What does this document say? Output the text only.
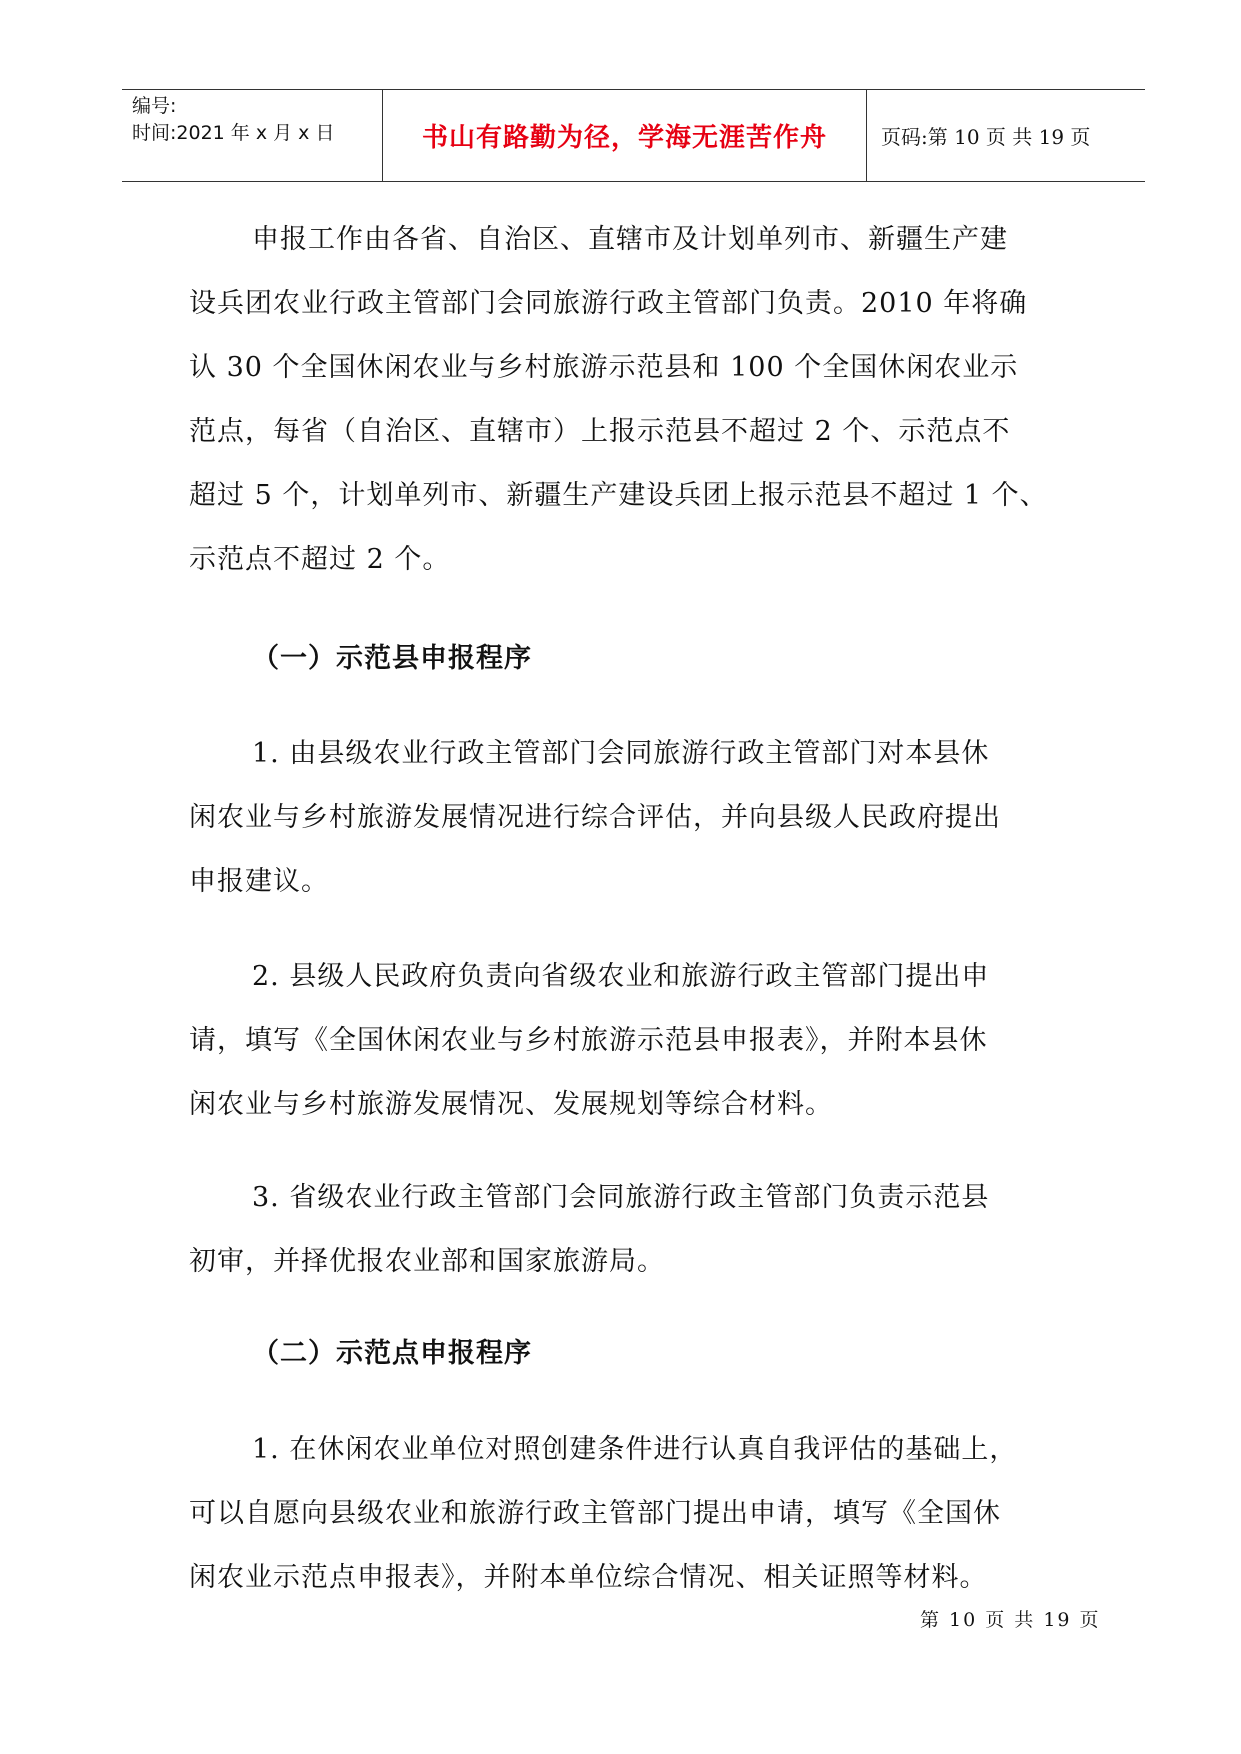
编号:
时间:2021 年 x 月 x 日	书山有路勤为径，学海无涯苦作舟	页码:第 10 页 共 19 页
申报工作由各省、自治区、直辖市及计划单列市、新疆生产建
设兵团农业行政主管部门会同旅游行政主管部门负责。2010 年将确
认 30 个全国休闲农业与乡村旅游示范县和 100 个全国休闲农业示
范点，每省（自治区、直辖市）上报示范县不超过 2 个、示范点不
超过 5 个，计划单列市、新疆生产建设兵团上报示范县不超过 1 个、
示范点不超过 2 个。
（一）示范县申报程序
1. 由县级农业行政主管部门会同旅游行政主管部门对本县休
闲农业与乡村旅游发展情况进行综合评估，并向县级人民政府提出
申报建议。
2. 县级人民政府负责向省级农业和旅游行政主管部门提出申
请，填写《全国休闲农业与乡村旅游示范县申报表》，并附本县休
闲农业与乡村旅游发展情况、发展规划等综合材料。
3. 省级农业行政主管部门会同旅游行政主管部门负责示范县
初审，并择优报农业部和国家旅游局。
（二）示范点申报程序
1. 在休闲农业单位对照创建条件进行认真自我评估的基础上，
可以自愿向县级农业和旅游行政主管部门提出申请，填写《全国休
闲农业示范点申报表》，并附本单位综合情况、相关证照等材料。
第 10 页 共 19 页
